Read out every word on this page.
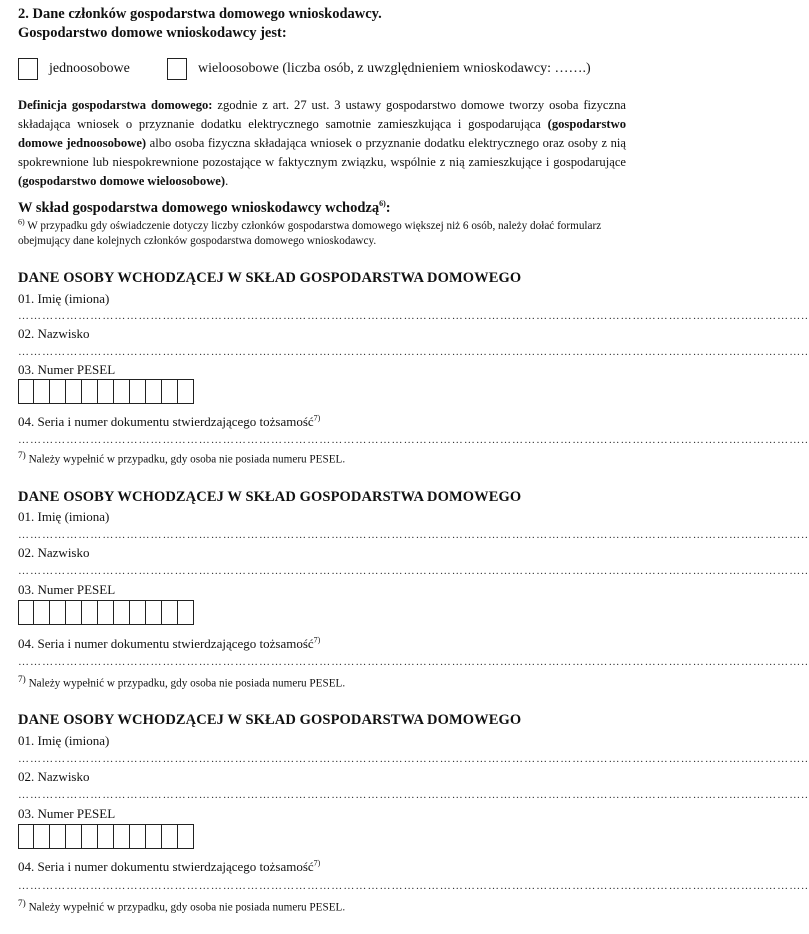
2. Dane członków gospodarstwa domowego wnioskodawcy.
Gospodarstwo domowe wnioskodawcy jest:
jednoosobowe	wieloosobowe (liczba osób, z uwzględnieniem wnioskodawcy: …….)
Definicja gospodarstwa domowego: zgodnie z art. 27 ust. 3 ustawy gospodarstwo domowe tworzy osoba fizyczna składająca wniosek o przyznanie dodatku elektrycznego samotnie zamieszkująca i gospodarująca (gospodarstwo domowe jednoosobowe) albo osoba fizyczna składająca wniosek o przyznanie dodatku elektrycznego oraz osoby z nią spokrewnione lub niespokrewnione pozostające w faktycznym związku, wspólnie z nią zamieszkujące i gospodarujące (gospodarstwo domowe wieloosobowe).
W skład gospodarstwa domowego wnioskodawcy wchodzą$^{6)}$:
$^{6)}$ W przypadku gdy oświadczenie dotyczy liczby członków gospodarstwa domowego większej niż 6 osób, należy dołać formularz obejmujący dane kolejnych członków gospodarstwa domowego wnioskodawcy.
DANE OSOBY WCHODZĄCEJ W SKŁAD GOSPODARSTWA DOMOWEGO
01. Imię (imiona)
……………………………………………………………………………………………………………………………………………………………………………..
02. Nazwisko
……………………………………………………………………………………………………………………………………………………………………………..
03. Numer PESEL
04. Seria i numer dokumentu stwierdzającego tożsamość$^{7)}$
……………………………………………………………………………………………………………………………………………………………………………..
$^{7)}$ Należy wypełnić w przypadku, gdy osoba nie posiada numeru PESEL.
DANE OSOBY WCHODZĄCEJ W SKŁAD GOSPODARSTWA DOMOWEGO
01. Imię (imiona)
……………………………………………………………………………………………………………………………………………………………………………..
02. Nazwisko
……………………………………………………………………………………………………………………………………………………………………………..
03. Numer PESEL
04. Seria i numer dokumentu stwierdzającego tożsamość$^{7)}$
……………………………………………………………………………………………………………………………………………………………………………..
$^{7)}$ Należy wypełnić w przypadku, gdy osoba nie posiada numeru PESEL.
DANE OSOBY WCHODZĄCEJ W SKŁAD GOSPODARSTWA DOMOWEGO
01. Imię (imiona)
……………………………………………………………………………………………………………………………………………………………………………..
02. Nazwisko
……………………………………………………………………………………………………………………………………………………………………………..
03. Numer PESEL
04. Seria i numer dokumentu stwierdzającego tożsamość$^{7)}$
……………………………………………………………………………………………………………………………………………………………………………..
$^{7)}$ Należy wypełnić w przypadku, gdy osoba nie posiada numeru PESEL.
